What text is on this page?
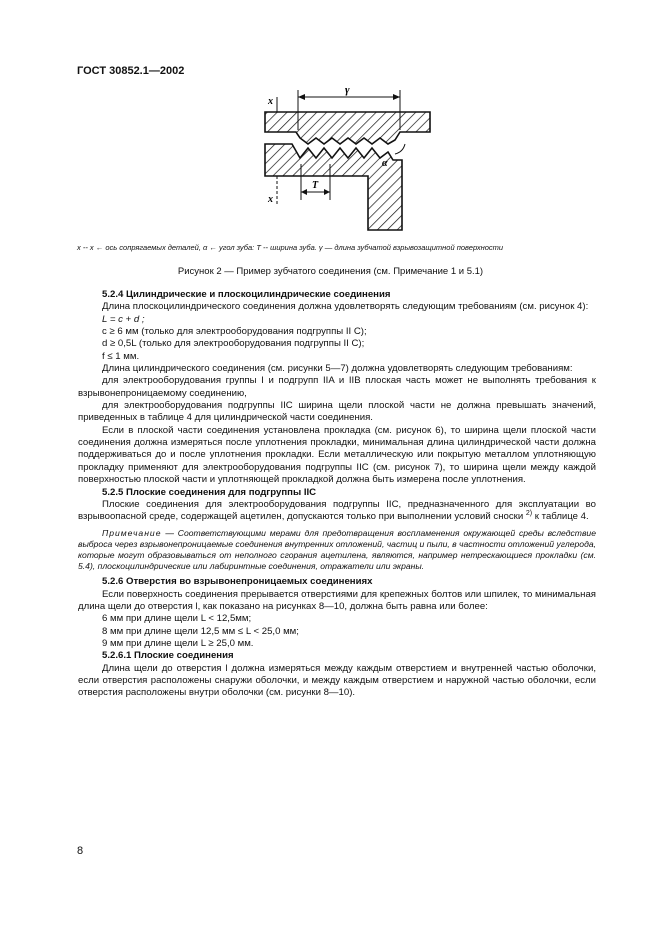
ГОСТ 30852.1—2002
x
x
γ
α
T
x ‑‑ x ← ось сопрягаемых деталей, α ← угол зуба: T ‑‑ ширина зуба. γ — длина зубчатой взрывозащитной поверхности
Рисунок 2 — Пример зубчатого соединения (см. Примечание 1 и 5.1)

5.2.4 Цилиндрические и плоскоцилиндрические соединения

Длина плоскоцилиндрического соединения должна удовлетворять следующим требованиям (см. рисунок 4):

L = c + d ;

c ≥ 6 мм (только для электрооборудования подгруппы II C);

d ≥ 0,5L (только для электрооборудования подгруппы II C);

f ≤ 1 мм.

Длина цилиндрического соединения (см. рисунки 5—7) должна удовлетворять следующим требованиям:

для электрооборудования группы I и подгрупп IIA и IIB плоская часть может не выполнять требования к взрывонепроницаемому соединению,

для электрооборудования подгруппы IIC ширина щели плоской части не должна превышать значений, приведенных в таблице 4 для цилиндрической части соединения.

Если в плоской части соединения установлена прокладка (см. рисунок 6), то ширина щели плоской части соединения должна измеряться после уплотнения прокладки, минимальная длина цилиндрической части должна поддерживаться до и после уплотнения прокладки. Если металлическую или покрытую металлом уплотняющую прокладку применяют для электрооборудования подгруппы IIC (см. рисунок 7), то ширина щели между каждой поверхностью плоской части и уплотняющей прокладкой должна быть измерена после уплотнения.

5.2.5 Плоские соединения для подгруппы IIC

Плоские соединения для электрооборудования подгруппы IIC, предназначенного для эксплуатации во взрывоопасной среде, содержащей ацетилен, допускаются только при выполнении условий сноски $^{2)}$ к таблице 4.

Примечание — Соответствующими мерами для предотвращения воспламенения окружающей среды вследствие выброса через взрывонепроницаемые соединения внутренних отложений, частиц и пыли, в частности отложений углерода, которые могут образовываться от неполного сгорания ацетилена, являются, например нетрескающиеся прокладки (см. 5.4), плоскоцилиндрические или лабиринтные соединения, отражатели или экраны.

5.2.6 Отверстия во взрывонепроницаемых соединениях

Если поверхность соединения прерывается отверстиями для крепежных болтов или шпилек, то минимальная длина щели до отверстия l, как показано на рисунках 8—10, должна быть равна или более:

6 мм при длине щели L < 12,5мм;

8 мм при длине щели 12,5 мм ≤ L < 25,0 мм;

9 мм при длине щели L ≥ 25,0 мм.

5.2.6.1 Плоские соединения

Длина щели до отверстия l должна измеряться между каждым отверстием и внутренней частью оболочки, если отверстия расположены снаружи оболочки, и между каждым отверстием и наружной частью оболочки, если отверстия расположены внутри оболочки (см. рисунки 8—10).

8
